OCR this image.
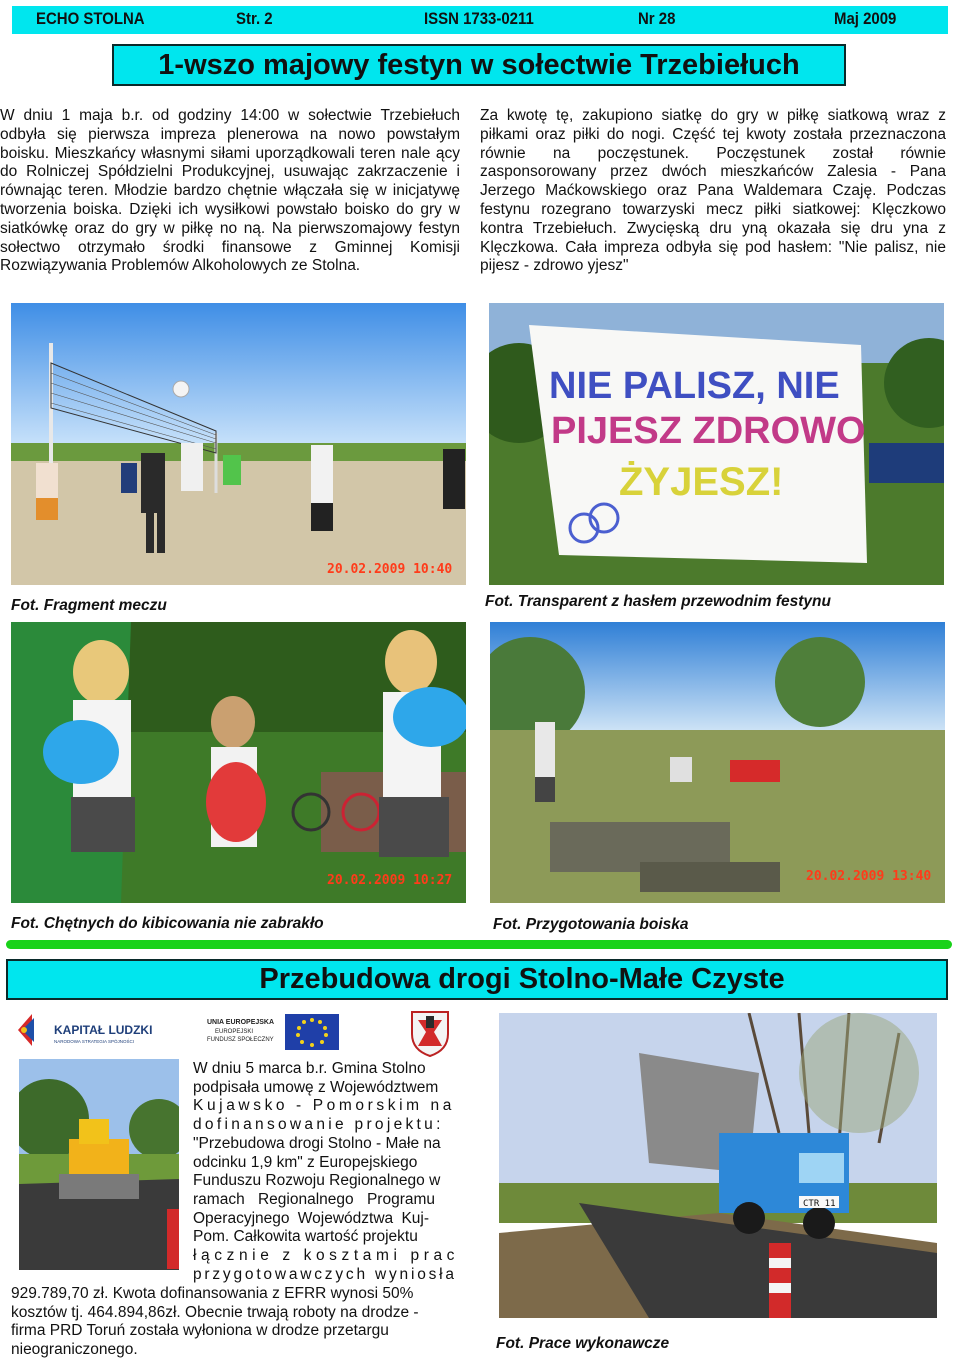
ECHO STOLNA	Str. 2	ISSN 1733-0211	Nr 28	Maj 2009
1-wszo majowy festyn w sołectwie Trzebiełuch
W dniu 1 maja b.r. od godziny 14:00 w sołectwie Trzebiełuch odbyła się pierwsza impreza plenerowa na nowo powstałym boisku. Mieszkańcy własnymi siłami uporządkowali teren nale ący do Rolniczej Spółdzielni Produkcyjnej, usuwając zakrzaczenie i równając teren. Młodzie bardzo chętnie włączała się w inicjatywę tworzenia boiska. Dzięki ich wysiłkowi powstało boisko do gry w siatkówkę oraz do gry w piłkę no ną. Na pierwszomajowy festyn sołectwo otrzymało środki finansowe z Gminnej Komisji Rozwiązywania Problemów Alkoholowych ze Stolna.
Za kwotę tę, zakupiono siatkę do gry w piłkę siatkową wraz z piłkami oraz piłki do nogi. Część tej kwoty została przeznaczona równie na poczęstunek. Poczęstunek został równie zasponsorowany przez dwóch mieszkańców Zalesia - Pana Jerzego Maćkowskiego oraz Pana Waldemara Czaję. Podczas festynu rozegrano towarzyski mecz piłki siatkowej: Klęczkowo kontra Trzebiełuch. Zwycięską dru yną okazała się dru yna z Klęczkowa. Cała impreza odbyła się pod hasłem: "Nie palisz, nie pijesz - zdrowo yjesz"
20.02.2009 10:40
NIE PALISZ, NIE
PIJESZ ZDROWO
ŻYJESZ!
Fot. Fragment meczu	Fot. Transparent z hasłem przewodnim festynu
20.02.2009 10:27	20.02.2009 13:40
Fot. Chętnych do kibicowania nie zabrakło	Fot. Przygotowania boiska
Przebudowa drogi Stolno-Małe Czyste
KAPITAŁ LUDZKI
NARODOWA STRATEGIA SPÓJNOŚCI
UNIA EUROPEJSKA
EUROPEJSKI
FUNDUSZ SPOŁECZNY
W dniu 5 marca b.r. Gmina Stolno
podpisała umowę z Województwem
Kujawsko - Pomorskim na
dofinansowanie projektu:
"Przebudowa drogi Stolno - Małe na
odcinku 1,9 km" z Europejskiego
Funduszu Rozwoju Regionalnego w
ramach Regionalnego Programu
Operacyjnego Województwa Kuj-
Pom. Całkowita wartość projektu
łącznie z kosztami prac
przygotowawczych wyniosła
929.789,70 zł. Kwota dofinansowania z EFRR wynosi 50%
kosztów tj. 464.894,86zł. Obecnie trwają roboty na drodze -
firma PRD Toruń została wyłoniona w drodze przetargu
nieograniczonego.
CTR 11
Fot. Prace wykonawcze
